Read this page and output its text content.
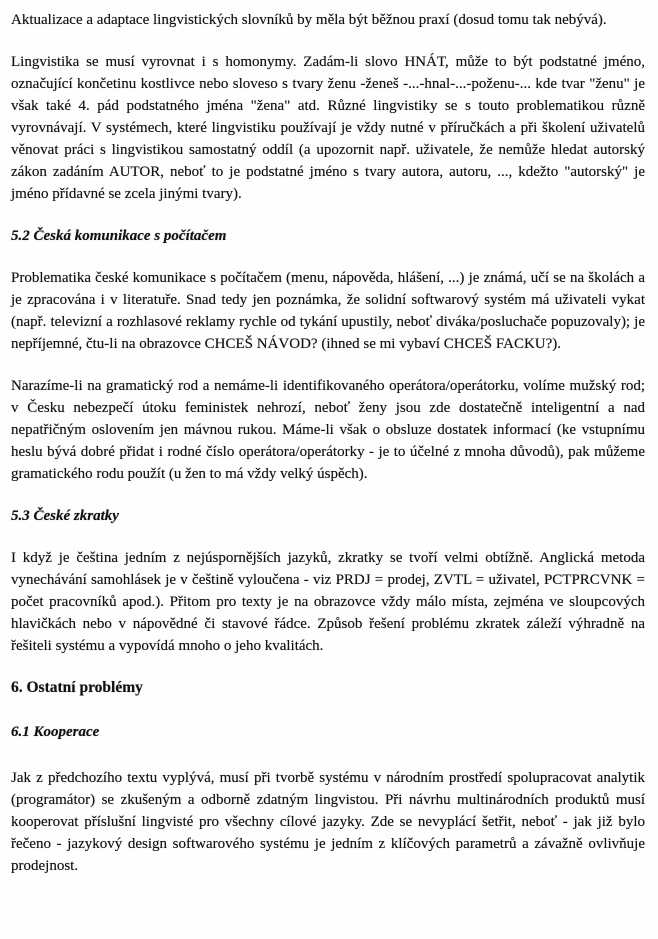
Aktualizace a adaptace lingvistických slovníků by měla být běžnou praxí (dosud tomu tak nebývá).

Lingvistika se musí vyrovnat i s homonymy. Zadám-li slovo HNÁT, může to být podstatné jméno, označující končetinu kostlivce nebo sloveso s tvary ženu -ženeš -...-hnal-...-poženu-... kde tvar "ženu" je však také 4. pád podstatného jména "žena" atd. Různé lingvistiky se s touto problematikou různě vyrovnávají. V systémech, které lingvistiku používají je vždy nutné v příručkách a při školení uživatelů věnovat práci s lingvistikou samostatný oddíl (a upozornit např. uživatele, že nemůže hledat autorský zákon zadáním AUTOR, neboť to je podstatné jméno s tvary autora, autoru, ..., kdežto "autorský" je jméno přídavné se zcela jinými tvary).

5.2 Česká komunikace s počítačem

Problematika české komunikace s počítačem (menu, nápověda, hlášení, ...) je známá, učí se na školách a je zpracována i v literatuře. Snad tedy jen poznámka, že solidní softwarový systém má uživateli vykat (např. televizní a rozhlasové reklamy rychle od tykání upustily, neboť diváka/posluchače popuzovaly); je nepříjemné, čtu-li na obrazovce CHCEŠ NÁVOD? (ihned se mi vybaví CHCEŠ FACKU?).

Narazíme-li na gramatický rod a nemáme-li identifikovaného operátora/operátorku, volíme mužský rod; v Česku nebezpečí útoku feministek nehrozí, neboť ženy jsou zde dostatečně inteligentní a nad nepatřičným oslovením jen mávnou rukou. Máme-li však o obsluze dostatek informací (ke vstupnímu heslu bývá dobré přidat i rodné číslo operátora/operátorky - je to účelné z mnoha důvodů), pak můžeme gramatického rodu použít (u žen to má vždy velký úspěch).

5.3 České zkratky

I když je čeština jedním z nejúspornějších jazyků, zkratky se tvoří velmi obtížně. Anglická metoda vynechávání samohlásek je v češtině vyloučena - viz PRDJ = prodej, ZVTL = uživatel, PCTPRCVNK = počet pracovníků apod.). Přitom pro texty je na obrazovce vždy málo místa, zejména ve sloupcových hlavičkách nebo v nápovědné či stavové řádce. Způsob řešení problému zkratek záleží výhradně na řešiteli systému a vypovídá mnoho o jeho kvalitách.

6. Ostatní problémy
6.1 Kooperace

Jak z předchozího textu vyplývá, musí při tvorbě systému v národním prostředí spolupracovat analytik (programátor) se zkušeným a odborně zdatným lingvistou. Při návrhu multinárodních produktů musí kooperovat příslušní lingvisté pro všechny cílové jazyky. Zde se nevyplácí šetřit, neboť - jak již bylo řečeno - jazykový design softwarového systému je jedním z klíčových parametrů a závažně ovlivňuje prodejnost.
